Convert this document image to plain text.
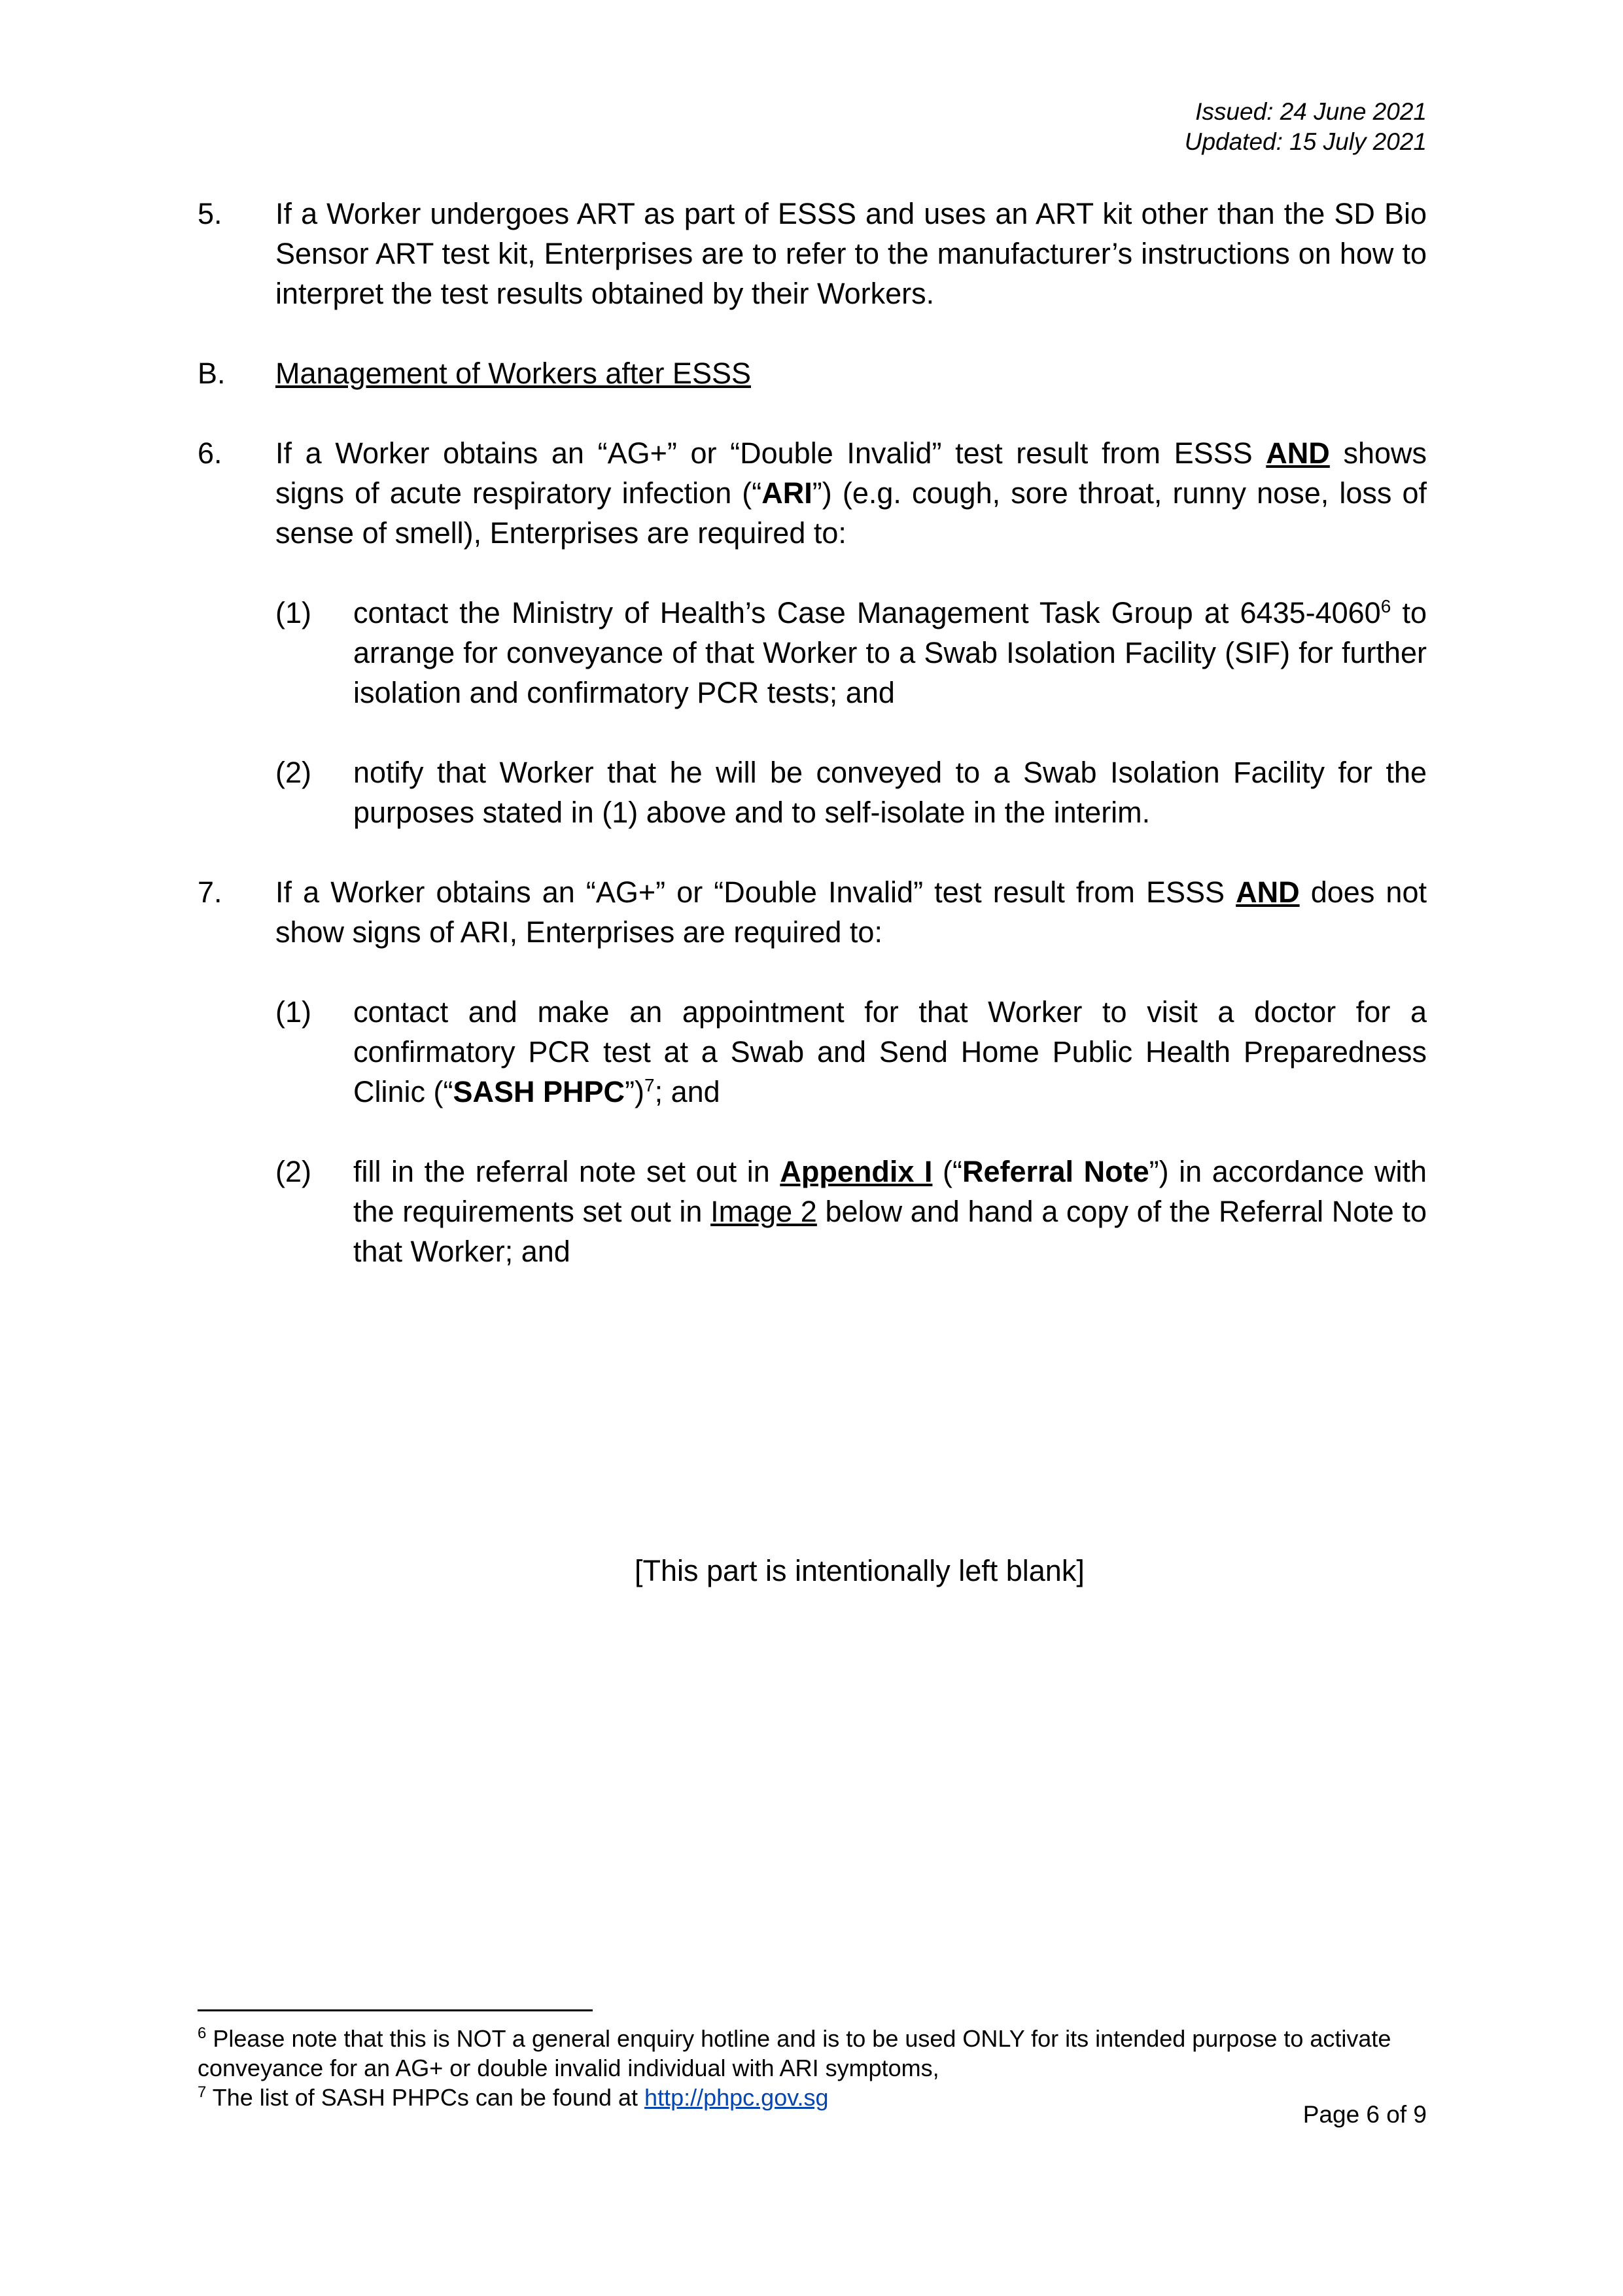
Issued: 24 June 2021
Updated: 15 July 2021
5.	If a Worker undergoes ART as part of ESSS and uses an ART kit other than the SD Bio Sensor ART test kit, Enterprises are to refer to the manufacturer’s instructions on how to interpret the test results obtained by their Workers.
B.	Management of Workers after ESSS
6.	If a Worker obtains an “AG+” or “Double Invalid” test result from ESSS AND shows signs of acute respiratory infection (“ARI”) (e.g. cough, sore throat, runny nose, loss of sense of smell), Enterprises are required to:
(1) contact the Ministry of Health’s Case Management Task Group at 6435-4060$^6$ to arrange for conveyance of that Worker to a Swab Isolation Facility (SIF) for further isolation and confirmatory PCR tests; and
(2) notify that Worker that he will be conveyed to a Swab Isolation Facility for the purposes stated in (1) above and to self-isolate in the interim.
7.	If a Worker obtains an “AG+” or “Double Invalid” test result from ESSS AND does not show signs of ARI, Enterprises are required to:
(1) contact and make an appointment for that Worker to visit a doctor for a confirmatory PCR test at a Swab and Send Home Public Health Preparedness Clinic (“SASH PHPC”)$^7$; and
(2) fill in the referral note set out in Appendix I (“Referral Note”) in accordance with the requirements set out in Image 2 below and hand a copy of the Referral Note to that Worker; and
[This part is intentionally left blank]
$^6$ Please note that this is NOT a general enquiry hotline and is to be used ONLY for its intended purpose to activate conveyance for an AG+ or double invalid individual with ARI symptoms,
$^7$ The list of SASH PHPCs can be found at http://phpc.gov.sg
Page 6 of 9
